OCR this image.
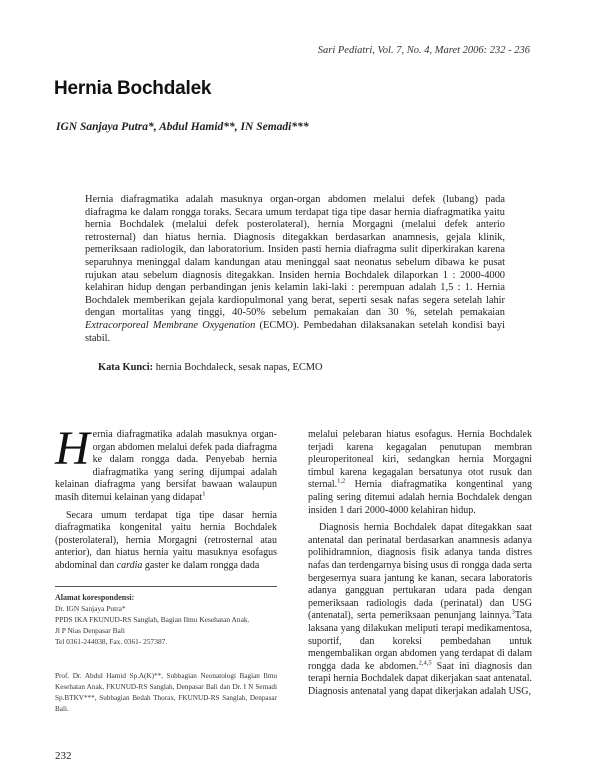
Sari Pediatri, Vol. 7, No. 4, Maret 2006: 232 - 236
Hernia Bochdalek
IGN Sanjaya Putra*, Abdul Hamid**, IN Semadi***

Hernia diafragmatika adalah masuknya organ-organ abdomen melalui defek (lubang) pada diafragma ke dalam rongga toraks. Secara umum terdapat tiga tipe dasar hernia diafragmatika yaitu hernia Bochdalek (melalui defek posterolateral), hernia Morgagni (melalui defek anterio retrosternal) dan hiatus hernia. Diagnosis ditegakkan berdasarkan anamnesis, gejala klinik, pemeriksaan radiologik, dan laboratorium. Insiden pasti hernia diafragma sulit diperkirakan karena separuhnya meninggal dalam kandungan atau meninggal saat neonatus sebelum dibawa ke pusat rujukan atau sebelum diagnosis ditegakkan. Insiden hernia Bochdalek dilaporkan 1 : 2000-4000 kelahiran hidup dengan perbandingan jenis kelamin laki-laki : perempuan adalah 1,5 : 1. Hernia Bochdalek memberikan gejala kardiopulmonal yang berat, seperti sesak nafas segera setelah lahir dengan mortalitas yang tinggi, 40-50% sebelum pemakaian dan 30 %, setelah pemakaian Extracorporeal Membrane Oxygenation (ECMO). Pembedahan dilaksanakan setelah kondisi bayi stabil.

Kata Kunci: hernia Bochdaleck, sesak napas, ECMO

Hernia diafragmatika adalah masuknya organ-organ abdomen melalui defek pada diafragma ke dalam rongga dada. Penyebab hernia diafragmatika yang sering dijumpai adalah kelainan diafragma yang bersifat bawaan walaupun masih ditemui kelainan yang didapat$^1$

Secara umum terdapat tiga tipe dasar hernia diafragmatika kongenital yaitu hernia Bochdalek (posterolateral), hernia Morgagni (retrosternal atau anterior), dan hiatus hernia yaitu masuknya esofagus abdominal dan cardia gaster ke dalam rongga dada

melalui pelebaran hiatus esofagus. Hernia Bochdalek terjadi karena kegagalan penutupan membran pleuroperitoneal kiri, sedangkan hernia Morgagni timbul karena kegagalan bersatunya otot rusuk dan sternal.$^{1,2}$ Hernia diafragmatika kongentinal yang paling sering ditemui adalah hernia Bochdalek dengan insiden 1 dari 2000-4000 kelahiran hidup.

Diagnosis hernia Bochdalek dapat ditegakkan saat antenatal dan perinatal berdasarkan anamnesis adanya polihidramnion, diagnosis fisik adanya tanda distres nafas dan terdengarnya bising usus di rongga dada serta bergesernya suara jantung ke kanan, secara laboratoris adanya gangguan pertukaran udara pada dengan pemeriksaan radiologis dada (perinatal) dan USG (antenatal), serta pemeriksaan penunjang lainnya.$^3$Tata laksana yang dilakukan meliputi terapi medikamentosa, suportif, dan koreksi pembedahan untuk mengembalikan organ abdomen yang terdapat di dalam rongga dada ke abdomen.$^{2,4,5}$ Saat ini diagnosis dan terapi hernia Bochdalek dapat dikerjakan saat antenatal. Diagnosis antenatal yang dapat dikerjakan adalah USG,

Alamat korespondensi:
Dr. IGN Sanjaya Putra*
PPDS IKA FKUNUD-RS Sanglah, Bagian Ilmu Kesehatan Anak.
Jl P Nias Denpasar Bali
Tel 0361-244038, Fax. 0361- 257387.
Prof. Dr. Abdul Hamid Sp.A(K)**, Subbagian Neonatologi Bagian Ilmu Kesehatan Anak, FKUNUD-RS Sanglah, Denpasar Bali dan Dr. I N Semadi Sp.BTKV***, Subbagian Bedah Thorax, FKUNUD-RS Sanglah, Denpasar Bali.
232
